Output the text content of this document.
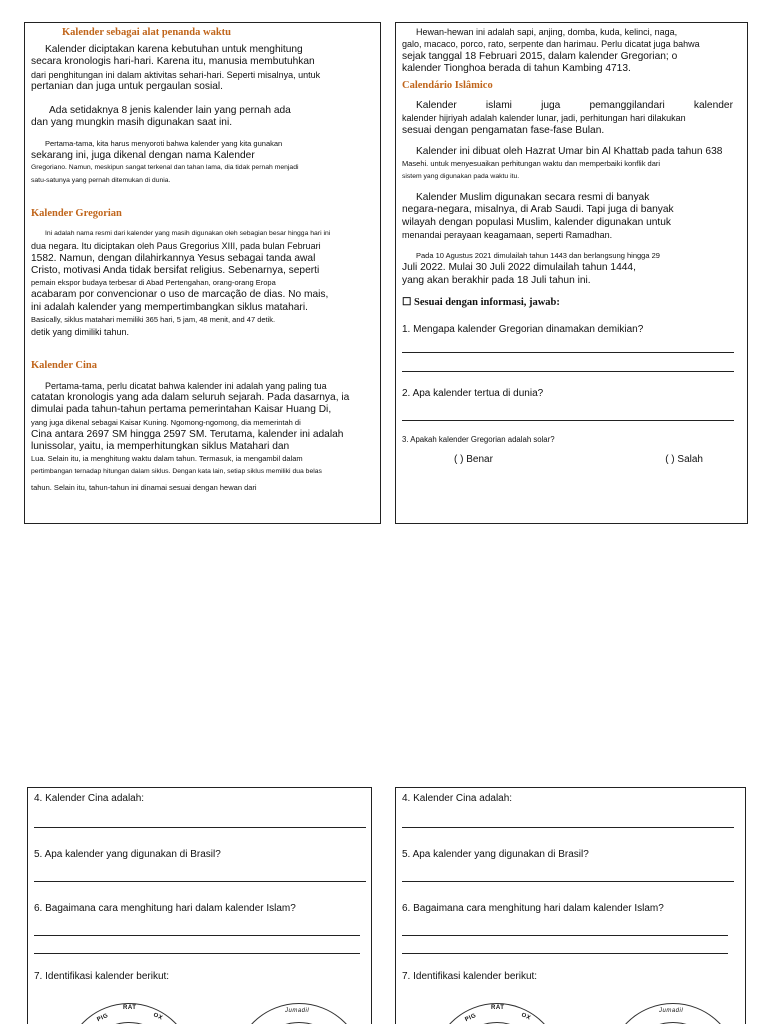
Kalender sebagai alat penanda waktu
Kalender diciptakan karena kebutuhan untuk menghitung
secara kronologis hari-hari. Karena itu, manusia membutuhkan
dari penghitungan ini dalam aktivitas sehari-hari. Seperti misalnya, untuk
pertanian dan juga untuk pergaulan sosial.
Ada setidaknya 8 jenis kalender lain yang pernah ada
dan yang mungkin masih digunakan saat ini.
Pertama-tama, kita harus menyoroti bahwa kalender yang kita gunakan
sekarang ini, juga dikenal dengan nama Kalender
Gregoriano. Namun, meskipun sangat terkenal dan tahan lama, dia tidak pernah menjadi
satu-satunya yang pernah ditemukan di dunia.
Kalender Gregorian
Ini adalah nama resmi dari kalender yang masih digunakan oleh sebagian besar hingga hari ini
dua negara. Itu diciptakan oleh Paus Gregorius XIII, pada bulan Februari
1582. Namun, dengan dilahirkannya Yesus sebagai tanda awal
Cristo, motivasi Anda tidak bersifat religius. Sebenarnya, seperti
pemain ekspor budaya terbesar di Abad Pertengahan, orang-orang Eropa
acabaram por convencionar o uso de marcação de dias. No mais,
ini adalah kalender yang mempertimbangkan siklus matahari.
Basically, siklus matahari memiliki 365 hari, 5 jam, 48 menit, and 47 detik.
detik yang dimiliki tahun.
Kalender Cina
Pertama-tama, perlu dicatat bahwa kalender ini adalah yang paling tua
catatan kronologis yang ada dalam seluruh sejarah. Pada dasarnya, ia
dimulai pada tahun-tahun pertama pemerintahan Kaisar Huang Di,
yang juga dikenal sebagai Kaisar Kuning. Ngomong-ngomong, dia memerintah di
Cina antara 2697 SM hingga 2597 SM. Terutama, kalender ini adalah
lunissolar, yaitu, ia memperhitungkan siklus Matahari dan
Lua. Selain itu, ia menghitung waktu dalam tahun. Termasuk, ia mengambil dalam
pertimbangan ternadap hitungan dalam siklus. Dengan kata lain, setiap siklus memiliki dua belas
tahun. Selain itu, tahun-tahun ini dinamai sesuai dengan hewan dari
Hewan-hewan ini adalah sapi, anjing, domba, kuda, kelinci, naga,
galo, macaco, porco, rato, serpente dan harimau. Perlu dicatat juga bahwa
sejak tanggal 18 Februari 2015, dalam kalender Gregorian; o
kalender Tionghoa berada di tahun Kambing 4713.
Calendário Islâmico
Kalender islami juga pemanggilandari kalender
kalender hijriyah adalah kalender lunar, jadi, perhitungan hari dilakukan
sesuai dengan pengamatan fase-fase Bulan.
Kalender ini dibuat oleh Hazrat Umar bin Al Khattab pada tahun 638
Masehi. untuk menyesuaikan perhitungan waktu dan memperbaiki konflik dari
sistem yang digunakan pada waktu itu.
Kalender Muslim digunakan secara resmi di banyak
negara-negara, misalnya, di Arab Saudi. Tapi juga di banyak
wilayah dengan populasi Muslim, kalender digunakan untuk
menandai perayaan keagamaan, seperti Ramadhan.
Pada 10 Agustus 2021 dimulailah tahun 1443 dan berlangsung hingga 29
Juli 2022. Mulai 30 Juli 2022 dimulailah tahun 1444,
yang akan berakhir pada 18 Juli tahun ini.
☐ Sesuai dengan informasi, jawab:
1. Mengapa kalender Gregorian dinamakan demikian?
2. Apa kalender tertua di dunia?
3. Apakah kalender Gregorian adalah solar?
( ) Benar	( ) Salah
4. Kalender Cina adalah:
5. Apa kalender yang digunakan di Brasil?
6. Bagaimana cara menghitung hari dalam kalender Islam?
7. Identifikasi kalender berikut:
PIG
RAT
OX
Jumadil
4. Kalender Cina adalah:
5. Apa kalender yang digunakan di Brasil?
6. Bagaimana cara menghitung hari dalam kalender Islam?
7. Identifikasi kalender berikut:
PIG
RAT
OX
Jumadil
